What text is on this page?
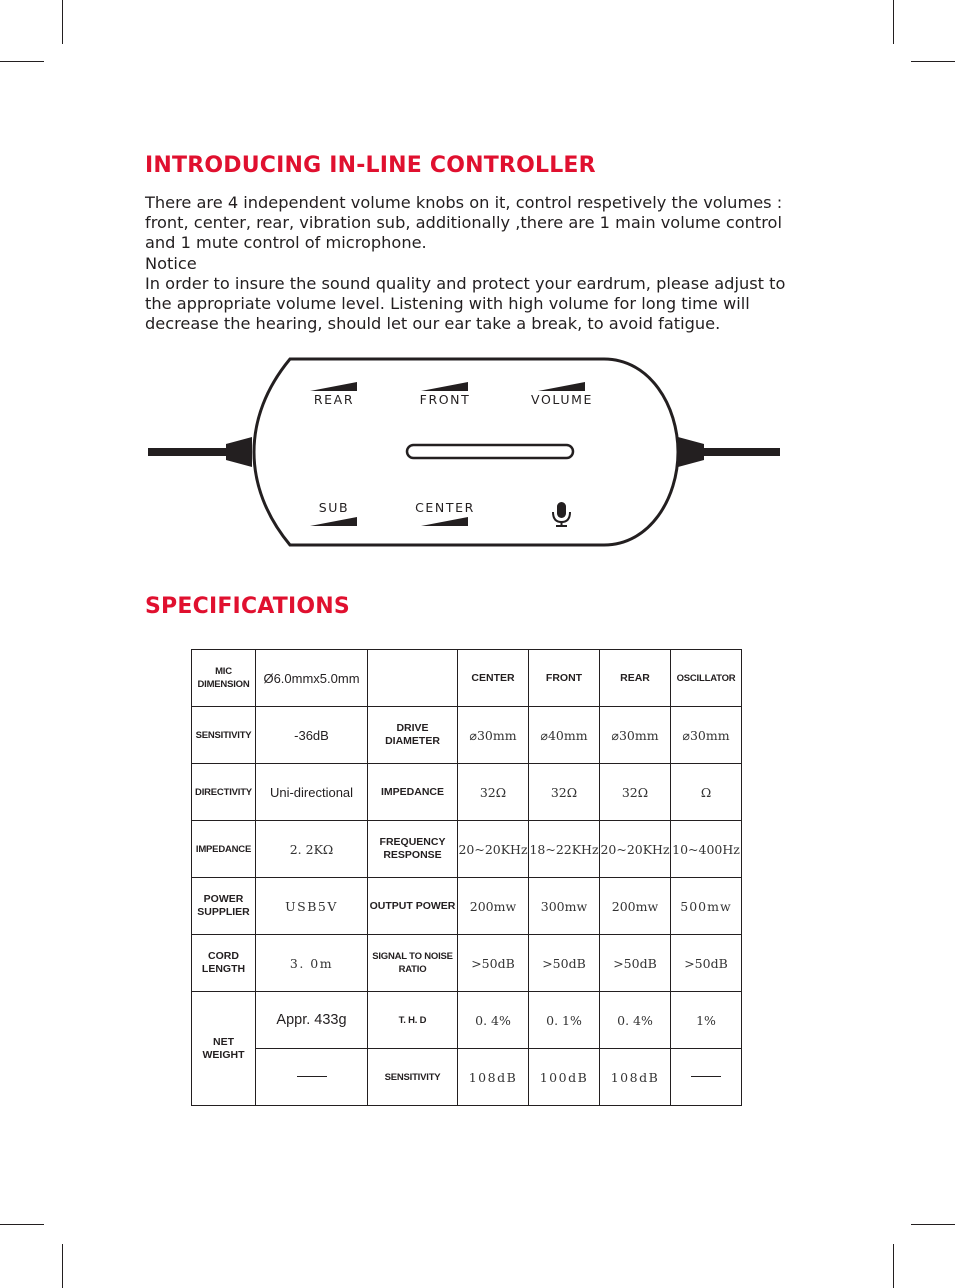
INTRODUCING IN-LINE CONTROLLER

There are 4 independent volume knobs on it, control respetively the volumes : front, center, rear, vibration sub, additionally ,there are 1 main volume control and 1 mute control of microphone.

Notice

In order to insure the sound quality and protect your eardrum, please adjust to the appropriate volume level. Listening with high volume for long time will decrease the hearing, should let our ear take a break, to avoid fatigue.

REAR	FRONT	VOLUME
SUB	CENTER
SPECIFICATIONS
MIC DIMENSION	Ø6.0mmx5.0mm		CENTER	FRONT	REAR	OSCILLATOR
SENSITIVITY	-36dB	DRIVE DIAMETER	⌀30mm	⌀40mm	⌀30mm	⌀30mm
DIRECTIVITY	Uni-directional	IMPEDANCE	32Ω	32Ω	32Ω	Ω
IMPEDANCE	2. 2KΩ	FREQUENCY RESPONSE	20~20KHz	18~22KHz	20~20KHz	10~400Hz
POWER SUPPLIER	USB5V	OUTPUT POWER	200mw	300mw	200mw	500mw
CORD LENGTH	3. 0m	SIGNAL TO NOISE RATIO	>50dB	>50dB	>50dB	>50dB
NET WEIGHT	Appr. 433g	T. H. D	0. 4%	0. 1%	0. 4%	1%
		SENSITIVITY	108dB	100dB	108dB	
